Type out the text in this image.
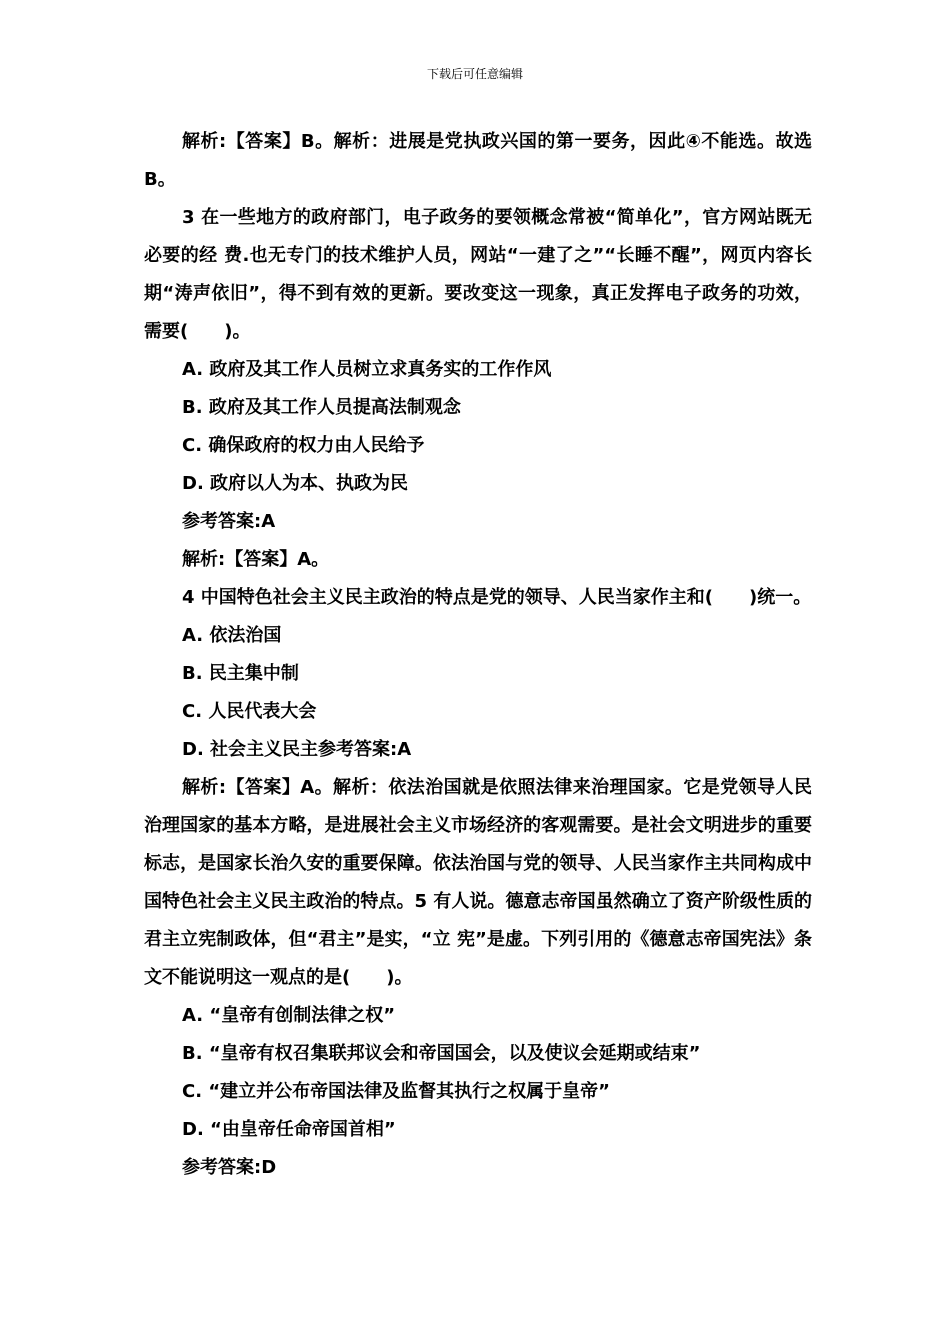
下载后可任意编辑

解析:【答案】B。解析：进展是党执政兴国的第一要务，因此④不能选。故选 B。

3 在一些地方的政府部门，电子政务的要领概念常被“简单化”，官方网站既无必要的经 费.也无专门的技术维护人员，网站“一建了之”“长睡不醒”，网页内容长期“涛声依旧”，得不到有效的更新。要改变这一现象，真正发挥电子政务的功效，需要(　　)。

A. 政府及其工作人员树立求真务实的工作作风

B. 政府及其工作人员提高法制观念

C. 确保政府的权力由人民给予

D. 政府以人为本、执政为民

参考答案:A

解析:【答案】A。

4 中国特色社会主义民主政治的特点是党的领导、人民当家作主和(　　)统一。

A. 依法治国

B. 民主集中制

C. 人民代表大会

D. 社会主义民主参考答案:A

解析:【答案】A。解析：依法治国就是依照法律来治理国家。它是党领导人民治理国家的基本方略，是进展社会主义市场经济的客观需要。是社会文明进步的重要标志，是国家长治久安的重要保障。依法治国与党的领导、人民当家作主共同构成中国特色社会主义民主政治的特点。5 有人说。德意志帝国虽然确立了资产阶级性质的君主立宪制政体，但“君主”是实，“立 宪”是虚。下列引用的《德意志帝国宪法》条文不能说明这一观点的是(　　)。

A. “皇帝有创制法律之权”

B. “皇帝有权召集联邦议会和帝国国会，以及使议会延期或结束”

C. “建立并公布帝国法律及监督其执行之权属于皇帝”

D. “由皇帝任命帝国首相”

参考答案:D
